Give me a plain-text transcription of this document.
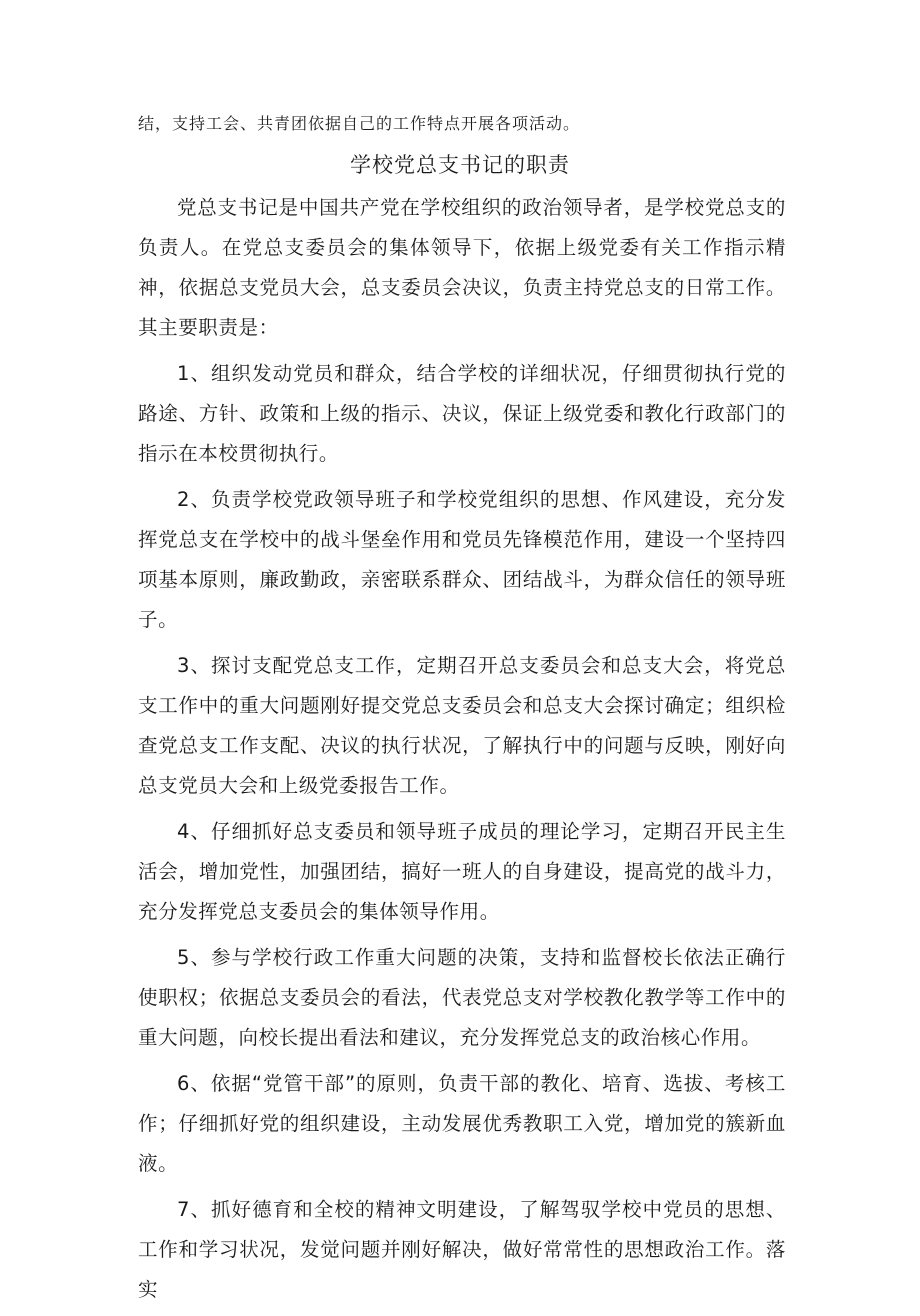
结，支持工会、共青团依据自己的工作特点开展各项活动。

学校党总支书记的职责

党总支书记是中国共产党在学校组织的政治领导者，是学校党总支的负责人。在党总支委员会的集体领导下，依据上级党委有关工作指示精神，依据总支党员大会，总支委员会决议，负责主持党总支的日常工作。其主要职责是：

1、组织发动党员和群众，结合学校的详细状况，仔细贯彻执行党的路途、方针、政策和上级的指示、决议，保证上级党委和教化行政部门的指示在本校贯彻执行。

2、负责学校党政领导班子和学校党组织的思想、作风建设，充分发挥党总支在学校中的战斗堡垒作用和党员先锋模范作用，建设一个坚持四项基本原则，廉政勤政，亲密联系群众、团结战斗，为群众信任的领导班子。

3、探讨支配党总支工作，定期召开总支委员会和总支大会，将党总支工作中的重大问题刚好提交党总支委员会和总支大会探讨确定；组织检查党总支工作支配、决议的执行状况，了解执行中的问题与反映，刚好向总支党员大会和上级党委报告工作。

4、仔细抓好总支委员和领导班子成员的理论学习，定期召开民主生活会，增加党性，加强团结，搞好一班人的自身建设，提高党的战斗力，充分发挥党总支委员会的集体领导作用。

5、参与学校行政工作重大问题的决策，支持和监督校长依法正确行使职权；依据总支委员会的看法，代表党总支对学校教化教学等工作中的重大问题，向校长提出看法和建议，充分发挥党总支的政治核心作用。

6、依据“党管干部”的原则，负责干部的教化、培育、选拔、考核工作；仔细抓好党的组织建设，主动发展优秀教职工入党，增加党的簇新血液。

7、抓好德育和全校的精神文明建设，了解驾驭学校中党员的思想、工作和学习状况，发觉问题并刚好解决，做好常常性的思想政治工作。落实
